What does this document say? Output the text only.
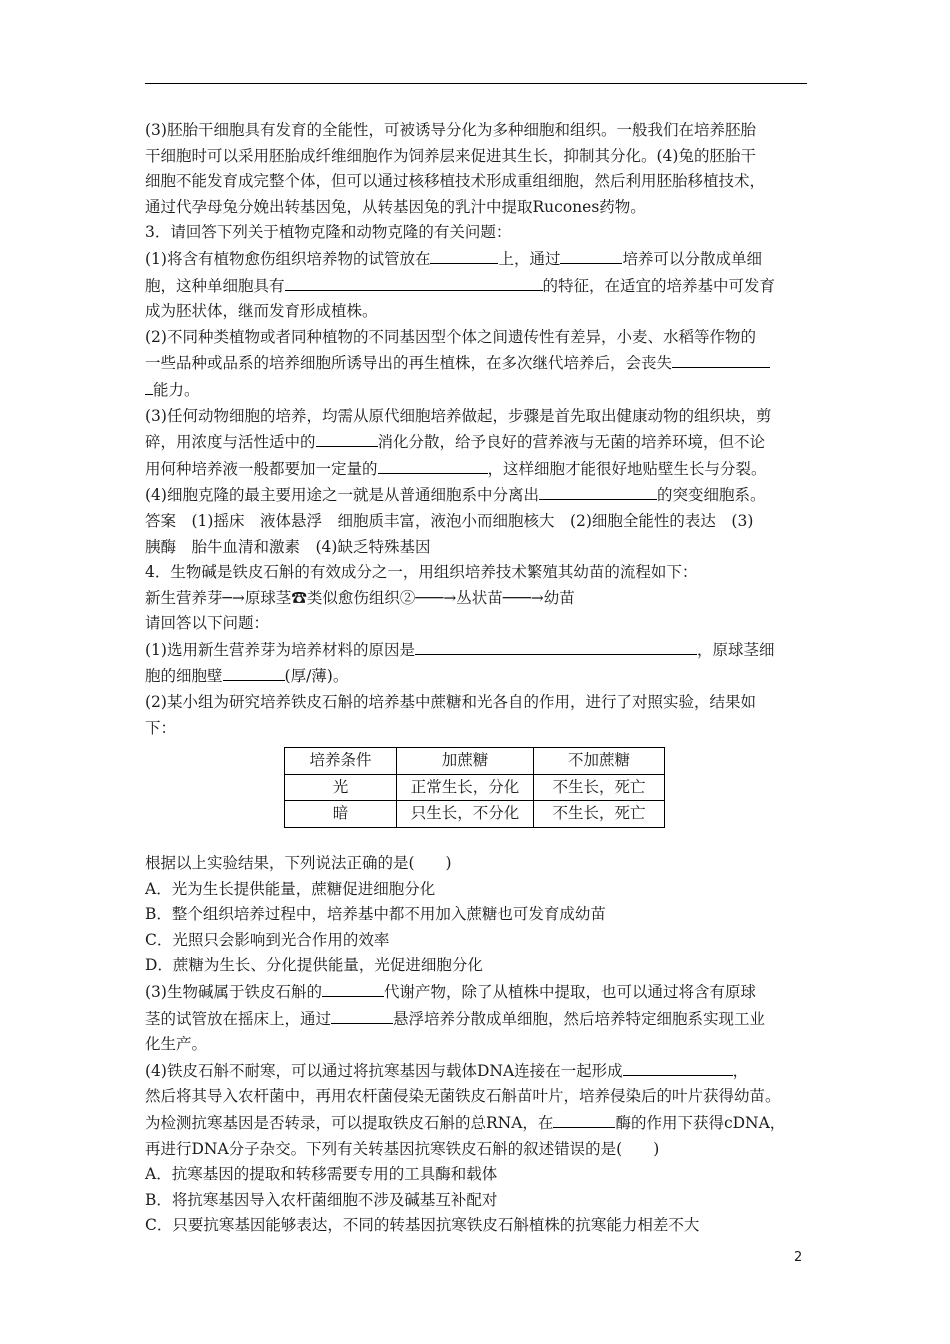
(3)胚胎干细胞具有发育的全能性，可被诱导分化为多种细胞和组织。一般我们在培养胚胎

干细胞时可以采用胚胎成纤维细胞作为饲养层来促进其生长，抑制其分化。(4)兔的胚胎干

细胞不能发育成完整个体，但可以通过核移植技术形成重组细胞，然后利用胚胎移植技术，

通过代孕母兔分娩出转基因兔，从转基因兔的乳汁中提取Rucones药物。

3．请回答下列关于植物克隆和动物克隆的有关问题：

(1)将含有植物愈伤组织培养物的试管放在	上，通过	培养可以分散成单细

胞，这种单细胞具有	的特征，在适宜的培养基中可发育

成为胚状体，继而发育形成植株。

(2)不同种类植物或者同种植物的不同基因型个体之间遗传性有差异，小麦、水稻等作物的

一些品种或品系的培养细胞所诱导出的再生植株，在多次继代培养后，会丧失

能力。

(3)任何动物细胞的培养，均需从原代细胞培养做起，步骤是首先取出健康动物的组织块，剪

碎，用浓度与活性适中的	消化分散，给予良好的营养液与无菌的培养环境，但不论

用何种培养液一般都要加一定量的	，这样细胞才能很好地贴壁生长与分裂。

(4)细胞克隆的最主要用途之一就是从普通细胞系中分离出	的突变细胞系。

答案　(1)摇床　液体悬浮　细胞质丰富，液泡小而细胞核大　(2)细胞全能性的表达　(3)

胰酶　胎牛血清和激素　(4)缺乏特殊基因

4．生物碱是铁皮石斛的有效成分之一，用组织培养技术繁殖其幼苗的流程如下：

新生营养芽─→原球茎☎类似愈伤组织②───→丛状苗───→幼苗

请回答以下问题：

(1)选用新生营养芽为培养材料的原因是	，原球茎细

胞的细胞壁	(厚/薄)。

(2)某小组为研究培养铁皮石斛的培养基中蔗糖和光各自的作用，进行了对照实验，结果如

下：

培养条件	加蔗糖	不加蔗糖
光	正常生长，分化	不生长，死亡
暗	只生长，不分化	不生长，死亡

根据以上实验结果，下列说法正确的是(　　)

A．光为生长提供能量，蔗糖促进细胞分化

B．整个组织培养过程中，培养基中都不用加入蔗糖也可发育成幼苗

C．光照只会影响到光合作用的效率

D．蔗糖为生长、分化提供能量，光促进细胞分化

(3)生物碱属于铁皮石斛的	代谢产物，除了从植株中提取，也可以通过将含有原球

茎的试管放在摇床上，通过	悬浮培养分散成单细胞，然后培养特定细胞系实现工业

化生产。

(4)铁皮石斛不耐寒，可以通过将抗寒基因与载体DNA连接在一起形成	，

然后将其导入农杆菌中，再用农杆菌侵染无菌铁皮石斛苗叶片，培养侵染后的叶片获得幼苗。

为检测抗寒基因是否转录，可以提取铁皮石斛的总RNA，在	酶的作用下获得cDNA，

再进行DNA分子杂交。下列有关转基因抗寒铁皮石斛的叙述错误的是(　　)

A．抗寒基因的提取和转移需要专用的工具酶和载体

B．将抗寒基因导入农杆菌细胞不涉及碱基互补配对

C．只要抗寒基因能够表达，不同的转基因抗寒铁皮石斛植株的抗寒能力相差不大

2
